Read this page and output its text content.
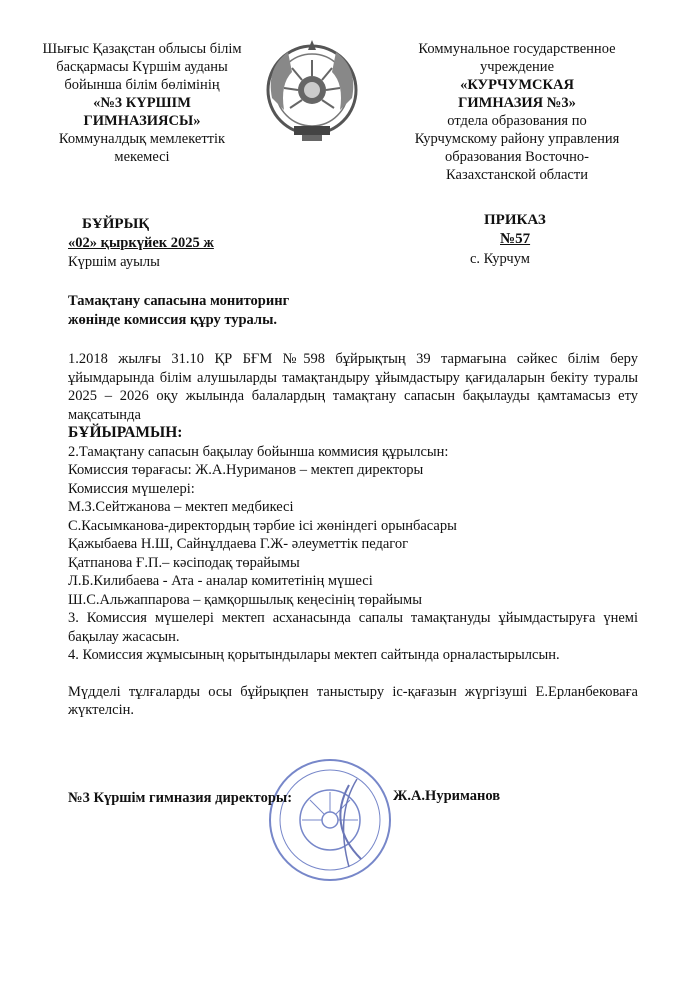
Шығыс Қазақстан облысы білім
басқармасы Күршім ауданы
бойынша білім бөлімінің
«№3 КҮРШІМ
ГИМНАЗИЯСЫ»
Коммуналдық мемлекеттік
мекемесі
Коммунальное государственное
учреждение
«КУРЧУМСКАЯ
ГИМНАЗИЯ №3»
отдела образования по
Курчумскому району управления
образования Восточно-
Казахстанской области
БҰЙРЫҚ
«02» қыркүйек 2025 ж
Күршім ауылы
ПРИКАЗ
№57
с. Курчум
Тамақтану сапасына мониторинг
жөнінде комиссия құру туралы.
1.2018 жылғы 31.10 ҚР БҒМ №598 бұйрықтың 39 тармағына сәйкес білім беру ұйымдарында білім алушыларды тамақтандыру ұйымдастыру қағидаларын бекіту туралы 2025 – 2026 оқу жылында балалардың тамақтану сапасын бақылауды қамтамасыз ету мақсатында
БҰЙЫРАМЫН:
2.Тамақтану сапасын бақылау бойынша коммисия құрылсын:
Комиссия төрағасы: Ж.А.Нуриманов – мектеп директоры
Комиссия мүшелері:
М.З.Сейтжанова – мектеп медбикесі
С.Касымканова-директордың тәрбие ісі жөніндегі орынбасары
Қажыбаева Н.Ш, Сайнұлдаева Г.Ж- әлеуметтік педагог
Қатпанова Ғ.П.– кәсіподақ төрайымы
Л.Б.Килибаева - Ата - аналар комитетінің мүшесі
Ш.С.Альжаппарова – қамқоршылық кеңесінің төрайымы
3. Комиссия мүшелері мектеп асханасында сапалы тамақтануды ұйымдастыруға үнемі бақылау жасасын.
4. Комиссия жұмысының қорытындылары мектеп сайтында орналастырылсын.
Мүдделі тұлғаларды осы бұйрықпен таныстыру іс-қағазын жүргізуші Е.Ерланбековаға жүктелсін.
№3 Күршім гимназия директоры:	Ж.А.Нуриманов
